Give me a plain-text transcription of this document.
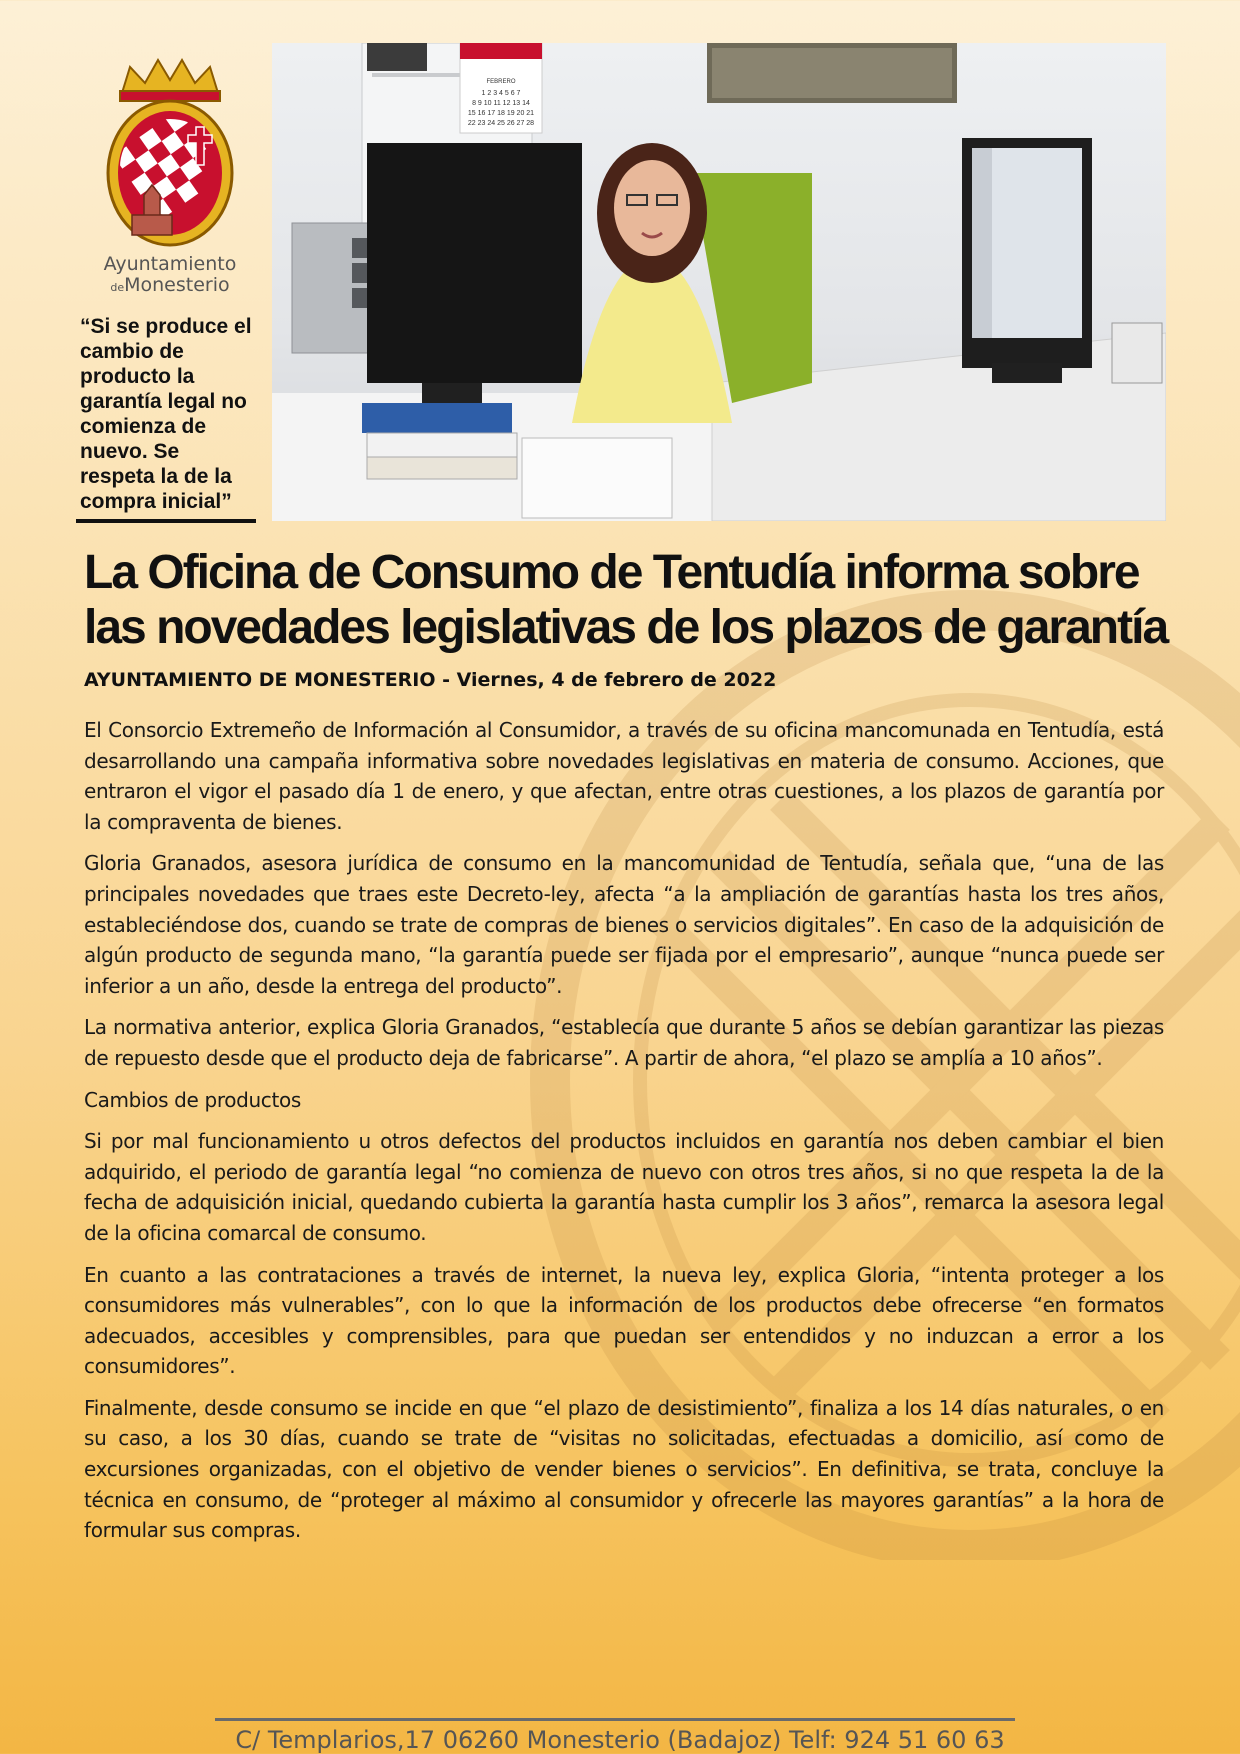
Ayuntamiento
deMonesterio

“Si se produce el cambio de producto la garantía legal no comienza de nuevo. Se respeta la de la compra inicial”

FEBRERO
1 2 3 4 5 6 7
8 9 10 11 12 13 14
15 16 17 18 19 20 21
22 23 24 25 26 27 28
La Oficina de Consumo de Tentudía informa sobre las novedades legislativas de los plazos de garantía

AYUNTAMIENTO DE MONESTERIO - Viernes, 4 de febrero de 2022

El Consorcio Extremeño de Información al Consumidor, a través de su oficina mancomunada en Tentudía, está desarrollando una campaña informativa sobre novedades legislativas en materia de consumo. Acciones, que entraron el vigor el pasado día 1 de enero, y que afectan, entre otras cuestiones, a los plazos de garantía por la compraventa de bienes.

Gloria Granados, asesora jurídica de consumo en la mancomunidad de Tentudía, señala que, “una de las principales novedades que traes este Decreto-ley, afecta “a la ampliación de garantías hasta los tres años, estableciéndose dos, cuando se trate de compras de bienes o servicios digitales”. En caso de la adquisición de algún producto de segunda mano, “la garantía puede ser fijada por el empresario”, aunque “nunca puede ser inferior a un año, desde la entrega del producto”.

La normativa anterior, explica Gloria Granados, “establecía que durante 5 años se debían garantizar las piezas de repuesto desde que el producto deja de fabricarse”. A partir de ahora, “el plazo se amplía a 10 años”.

Cambios de productos

Si por mal funcionamiento u otros defectos del productos incluidos en garantía nos deben cambiar el bien adquirido, el periodo de garantía legal “no comienza de nuevo con otros tres años, si no que respeta la de la fecha de adquisición inicial, quedando cubierta la garantía hasta cumplir los 3 años”, remarca la asesora legal de la oficina comarcal de consumo.

En cuanto a las contrataciones a través de internet, la nueva ley, explica Gloria, “intenta proteger a los consumidores más vulnerables”, con lo que la información de los productos debe ofrecerse “en formatos adecuados, accesibles y comprensibles, para que puedan ser entendidos y no induzcan a error a los consumidores”.

Finalmente, desde consumo se incide en que “el plazo de desistimiento”, finaliza a los 14 días naturales, o en su caso, a los 30 días, cuando se trate de “visitas no solicitadas, efectuadas a domicilio, así como de excursiones organizadas, con el objetivo de vender bienes o servicios”. En definitiva, se trata, concluye la técnica en consumo, de “proteger al máximo al consumidor y ofrecerle las mayores garantías” a la hora de formular sus compras.

C/ Templarios,17 06260 Monesterio (Badajoz) Telf: 924 51 60 63
